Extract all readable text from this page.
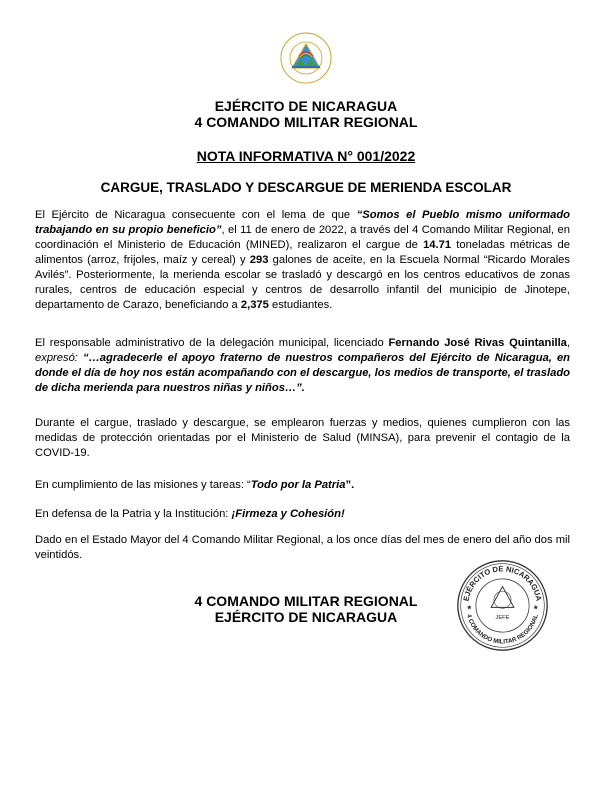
EJÉRCITO DE NICARAGUA
4 COMANDO MILITAR REGIONAL
NOTA INFORMATIVA N° 001/2022
CARGUE, TRASLADO Y DESCARGUE DE MERIENDA ESCOLAR
El Ejército de Nicaragua consecuente con el lema de que “Somos el Pueblo mismo uniformado trabajando en su propio beneficio”, el 11 de enero de 2022, a través del 4 Comando Militar Regional, en coordinación el Ministerio de Educación (MINED), realizaron el cargue de 14.71 toneladas métricas de alimentos (arroz, frijoles, maíz y cereal) y 293 galones de aceite, en la Escuela Normal “Ricardo Morales Avilés”. Posteriormente, la merienda escolar se trasladó y descargó en los centros educativos de zonas rurales, centros de educación especial y centros de desarrollo infantil del municipio de Jinotepe, departamento de Carazo, beneficiando a 2,375 estudiantes.
El responsable administrativo de la delegación municipal, licenciado Fernando José Rivas Quintanilla, expresó: “…agradecerle el apoyo fraterno de nuestros compañeros del Ejército de Nicaragua, en donde el día de hoy nos están acompañando con el descargue, los medios de transporte, el traslado de dicha merienda para nuestros niñas y niños…”.
Durante el cargue, traslado y descargue, se emplearon fuerzas y medios, quienes cumplieron con las medidas de protección orientadas por el Ministerio de Salud (MINSA), para prevenir el contagio de la COVID-19.
En cumplimiento de las misiones y tareas: “Todo por la Patria”.
En defensa de la Patria y la Institución: ¡Firmeza y Cohesión!
Dado en el Estado Mayor del 4 Comando Militar Regional, a los once días del mes de enero del año dos mil veintidós.
4 COMANDO MILITAR REGIONAL
EJÉRCITO DE NICARAGUA
EJÉRCITO DE NICARAGUA
4 COMANDO MILITAR REGIONAL
JEFE
★	★
